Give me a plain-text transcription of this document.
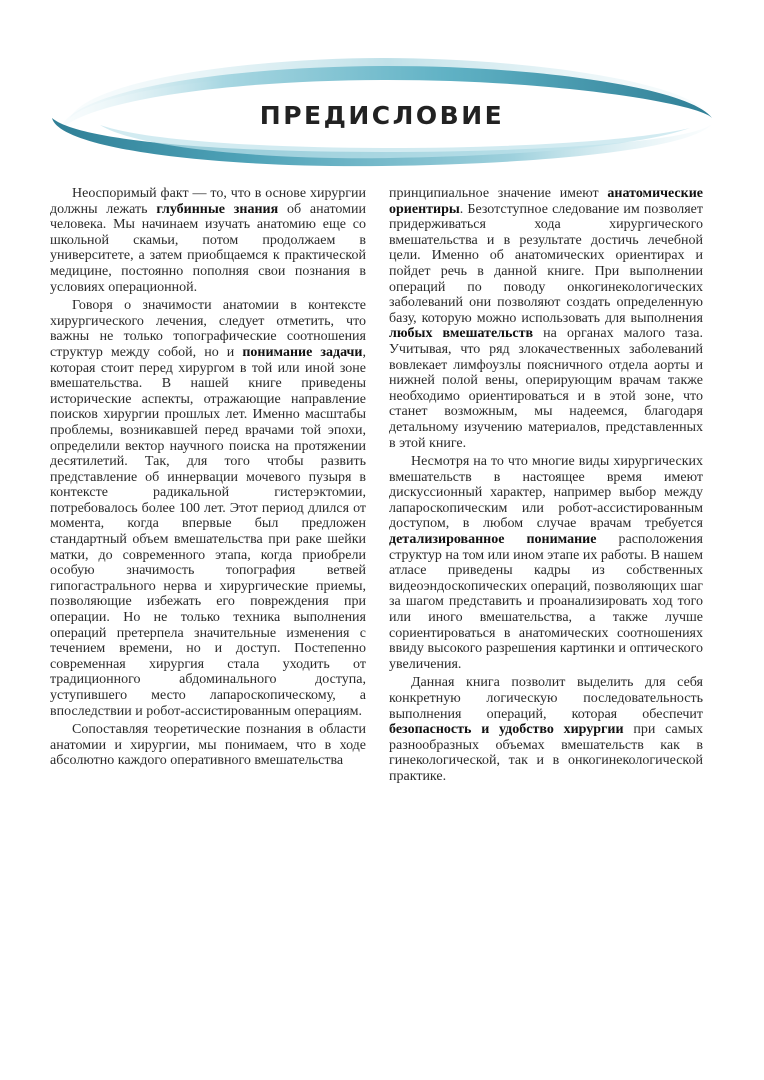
ПРЕДИСЛОВИЕ

Неоспоримый факт — то, что в основе хирургии должны лежать глубинные знания об анатомии человека. Мы начинаем изучать анатомию еще со школьной скамьи, потом продолжаем в университете, а затем приобщаемся к практической медицине, постоянно пополняя свои познания в условиях операционной.

Говоря о значимости анатомии в контексте хирургического лечения, следует отметить, что важны не только топографические соотношения структур между собой, но и понимание задачи, которая стоит перед хирургом в той или иной зоне вмешательства. В нашей книге приведены исторические аспекты, отражающие направление поисков хирургии прошлых лет. Именно масштабы проблемы, возникавшей перед врачами той эпохи, определили вектор научного поиска на протяжении десятилетий. Так, для того чтобы развить представление об иннервации мочевого пузыря в контексте радикальной гистерэктомии, потребовалось более 100 лет. Этот период длился от момента, когда впервые был предложен стандартный объем вмешательства при раке шейки матки, до современного этапа, когда приобрели особую значимость топография ветвей гипогастрального нерва и хирургические приемы, позволяющие избежать его повреждения при операции. Но не только техника выполнения операций претерпела значительные изменения с течением времени, но и доступ. Постепенно современная хирургия стала уходить от традиционного абдоминального доступа, уступившего место лапароскопическому, а впоследствии и робот-ассистированным операциям.

Сопоставляя теоретические познания в области анатомии и хирургии, мы понимаем, что в ходе абсолютно каждого оперативного вмешательства

принципиальное значение имеют анатомические ориентиры. Безотступное следование им позволяет придерживаться хода хирургического вмешательства и в результате достичь лечебной цели. Именно об анатомических ориентирах и пойдет речь в данной книге. При выполнении операций по поводу онкогинекологических заболеваний они позволяют создать определенную базу, которую можно использовать для выполнения любых вмешательств на органах малого таза. Учитывая, что ряд злокачественных заболеваний вовлекает лимфоузлы поясничного отдела аорты и нижней полой вены, оперирующим врачам также необходимо ориентироваться и в этой зоне, что станет возможным, мы надеемся, благодаря детальному изучению материалов, представленных в этой книге.

Несмотря на то что многие виды хирургических вмешательств в настоящее время имеют дискуссионный характер, например выбор между лапароскопическим или робот-ассистированным доступом, в любом случае врачам требуется детализированное понимание расположения структур на том или ином этапе их работы. В нашем атласе приведены кадры из собственных видеоэндоскопических операций, позволяющих шаг за шагом представить и проанализировать ход того или иного вмешательства, а также лучше сориентироваться в анатомических соотношениях ввиду высокого разрешения картинки и оптического увеличения.

Данная книга позволит выделить для себя конкретную логическую последовательность выполнения операций, которая обеспечит безопасность и удобство хирургии при самых разнообразных объемах вмешательств как в гинекологической, так и в онкогинекологической практике.
